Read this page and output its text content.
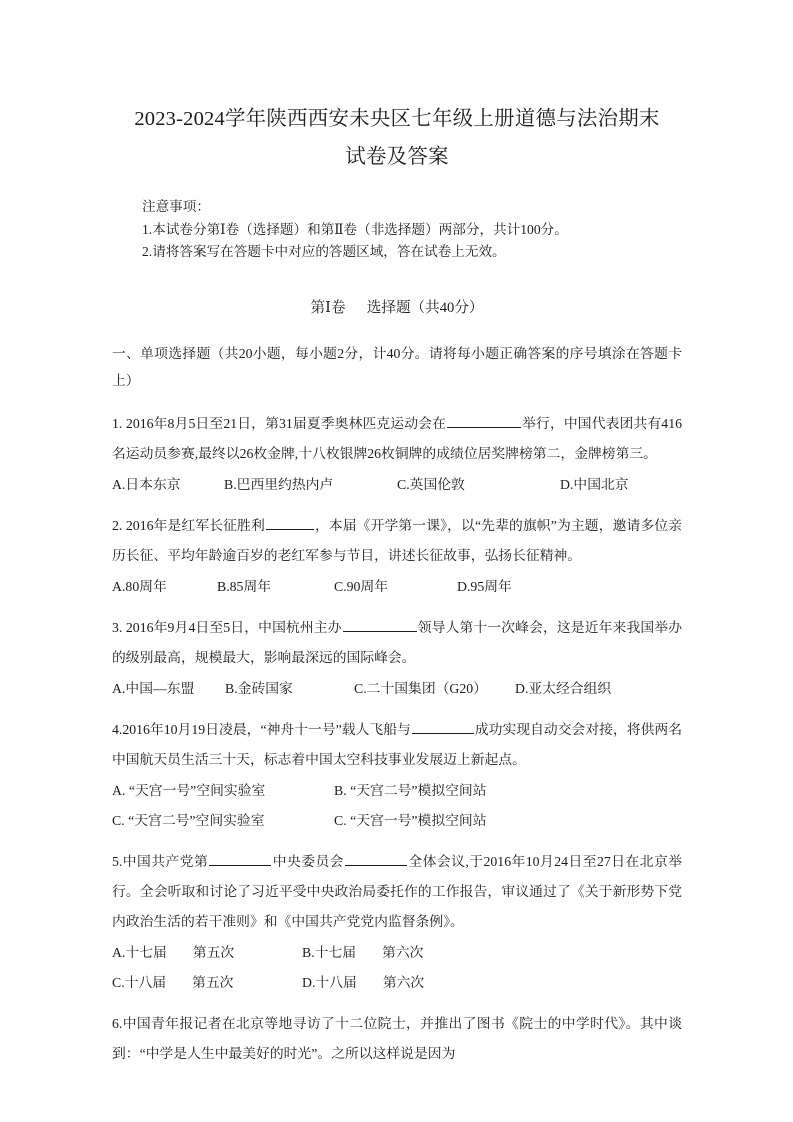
2023-2024学年陕西西安未央区七年级上册道德与法治期末
试卷及答案
注意事项：
1.本试卷分第Ⅰ卷（选择题）和第Ⅱ卷（非选择题）两部分，共计100分。
2.请将答案写在答题卡中对应的答题区域，答在试卷上无效。
第Ⅰ卷 选择题（共40分）
一、单项选择题（共20小题，每小题2分，计40分。请将每小题正确答案的序号填涂在答题卡上）
1. 2016年8月5日至21日，第31届夏季奥林匹克运动会在	举行，中国代表团共有416名运动员参赛,最终以26枚金牌,十八枚银牌26枚铜牌的成绩位居奖牌榜第二，金牌榜第三。
A.日本东京	B.巴西里约热内卢	C.英国伦敦	D.中国北京
2. 2016年是红军长征胜利	，本届《开学第一课》，以“先辈的旗帜”为主题，邀请多位亲历长征、平均年龄逾百岁的老红军参与节目，讲述长征故事，弘扬长征精神。
A.80周年	B.85周年	C.90周年	D.95周年
3. 2016年9月4日至5日，中国杭州主办	领导人第十一次峰会，这是近年来我国举办的级别最高，规模最大，影响最深远的国际峰会。
A.中国—东盟 B.金砖国家	C.二十国集团（G20） D.亚太经合组织
4.2016年10月19日凌晨，“神舟十一号”载人飞船与	成功实现自动交会对接，将供两名中国航天员生活三十天，标志着中国太空科技事业发展迈上新起点。
A. “天宫一号”空间实验室	B. “天宫二号”模拟空间站
C. “天宫二号”空间实验室	C. “天宫一号”模拟空间站
5.中国共产党第	中央委员会	全体会议,于2016年10月24日至27日在北京举行。全会听取和讨论了习近平受中央政治局委托作的工作报告，审议通过了《关于新形势下党内政治生活的若干准则》和《中国共产党党内监督条例》。
A.十七届 第五次	B.十七届 第六次
C.十八届 第五次	D.十八届 第六次
6.中国青年报记者在北京等地寻访了十二位院士，并推出了图书《院士的中学时代》。其中谈到：“中学是人生中最美好的时光”。之所以这样说是因为
